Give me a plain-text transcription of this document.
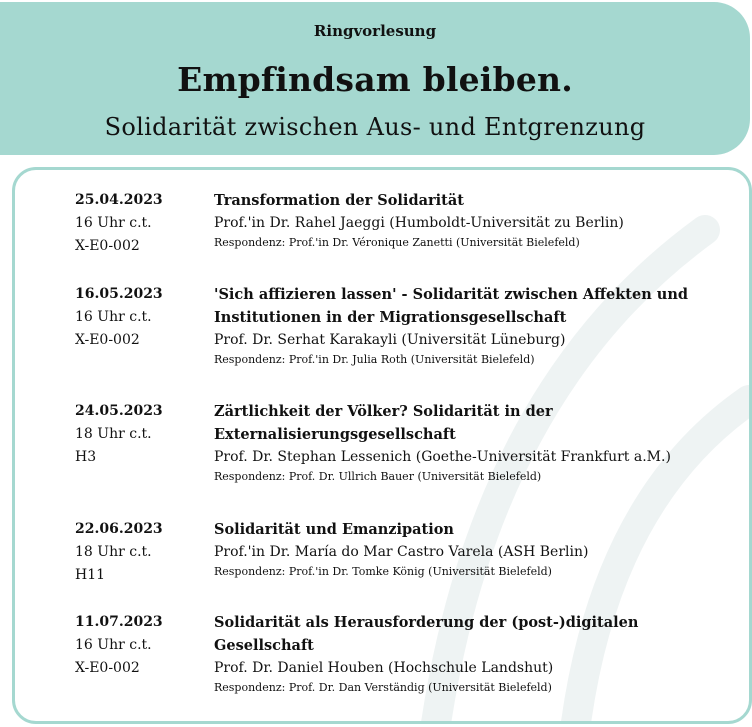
Ringvorlesung
Empfindsam bleiben.
Solidarität zwischen Aus- und Entgrenzung
25.04.2023
16 Uhr c.t.
X-E0-002
Transformation der Solidarität
Prof.'in Dr. Rahel Jaeggi (Humboldt-Universität zu Berlin)
Respondenz: Prof.'in Dr. Véronique Zanetti (Universität Bielefeld)
16.05.2023
16 Uhr c.t.
X-E0-002
'Sich affizieren lassen' - Solidarität zwischen Affekten und Institutionen in der Migrationsgesellschaft
Prof. Dr. Serhat Karakayli (Universität Lüneburg)
Respondenz: Prof.'in Dr. Julia Roth (Universität Bielefeld)
24.05.2023
18 Uhr c.t.
H3
Zärtlichkeit der Völker? Solidarität in der Externalisierungsgesellschaft
Prof. Dr. Stephan Lessenich (Goethe-Universität Frankfurt a.M.)
Respondenz: Prof. Dr. Ullrich Bauer (Universität Bielefeld)
22.06.2023
18 Uhr c.t.
H11
Solidarität und Emanzipation
Prof.'in Dr. María do Mar Castro Varela (ASH Berlin)
Respondenz: Prof.'in Dr. Tomke König (Universität Bielefeld)
11.07.2023
16 Uhr c.t.
X-E0-002
Solidarität als Herausforderung der (post-)digitalen Gesellschaft
Prof. Dr. Daniel Houben (Hochschule Landshut)
Respondenz: Prof. Dr. Dan Verständig (Universität Bielefeld)
